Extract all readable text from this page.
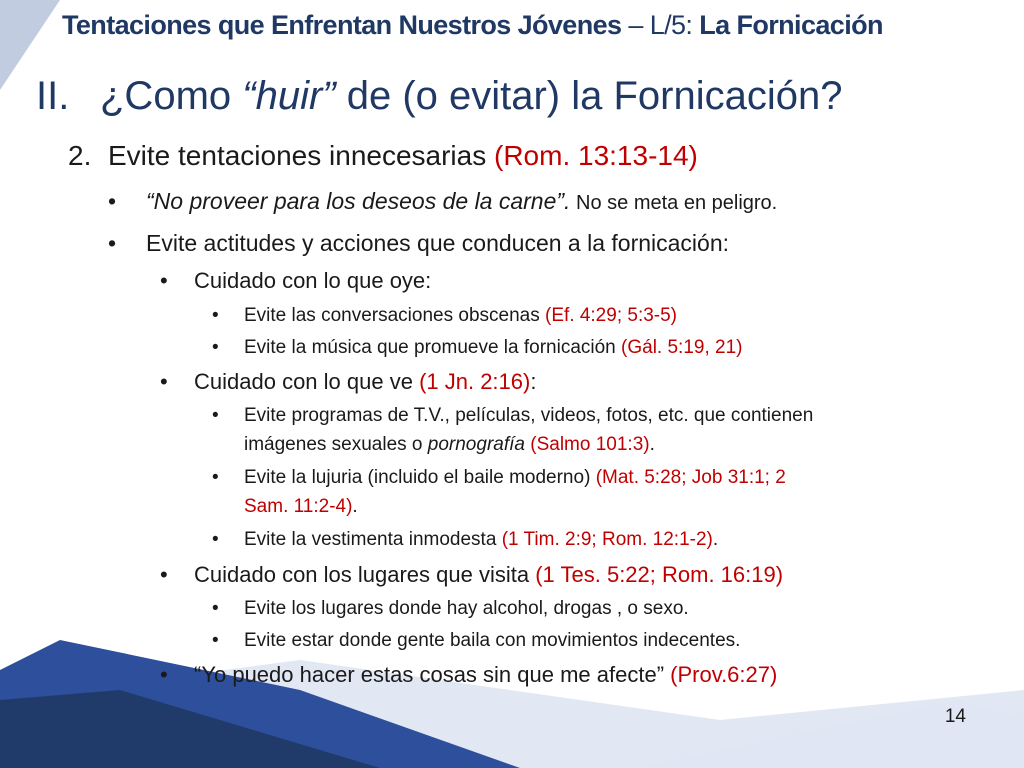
Tentaciones que Enfrentan Nuestros Jóvenes – L/5: La Fornicación
II. ¿Como “huir” de (o evitar) la Fornicación?
2. Evite tentaciones innecesarias (Rom. 13:13-14)
• “No proveer para los deseos de la carne”. No se meta en peligro.
• Evite actitudes y acciones que conducen a la fornicación:
• Cuidado con lo que oye:
• Evite las conversaciones obscenas (Ef. 4:29; 5:3-5)
• Evite la música que promueve la fornicación (Gál. 5:19, 21)
• Cuidado con lo que ve (1 Jn. 2:16):
• Evite programas de T.V., películas, videos, fotos, etc. que contienen
imágenes sexuales o pornografía (Salmo 101:3).
• Evite la lujuria (incluido el baile moderno) (Mat. 5:28; Job 31:1; 2
Sam. 11:2-4).
• Evite la vestimenta inmodesta (1 Tim. 2:9; Rom. 12:1-2).
• Cuidado con los lugares que visita (1 Tes. 5:22; Rom. 16:19)
• Evite los lugares donde hay alcohol, drogas , o sexo.
• Evite estar donde gente baila con movimientos indecentes.
• “Yo puedo hacer estas cosas sin que me afecte” (Prov.6:27)
14
